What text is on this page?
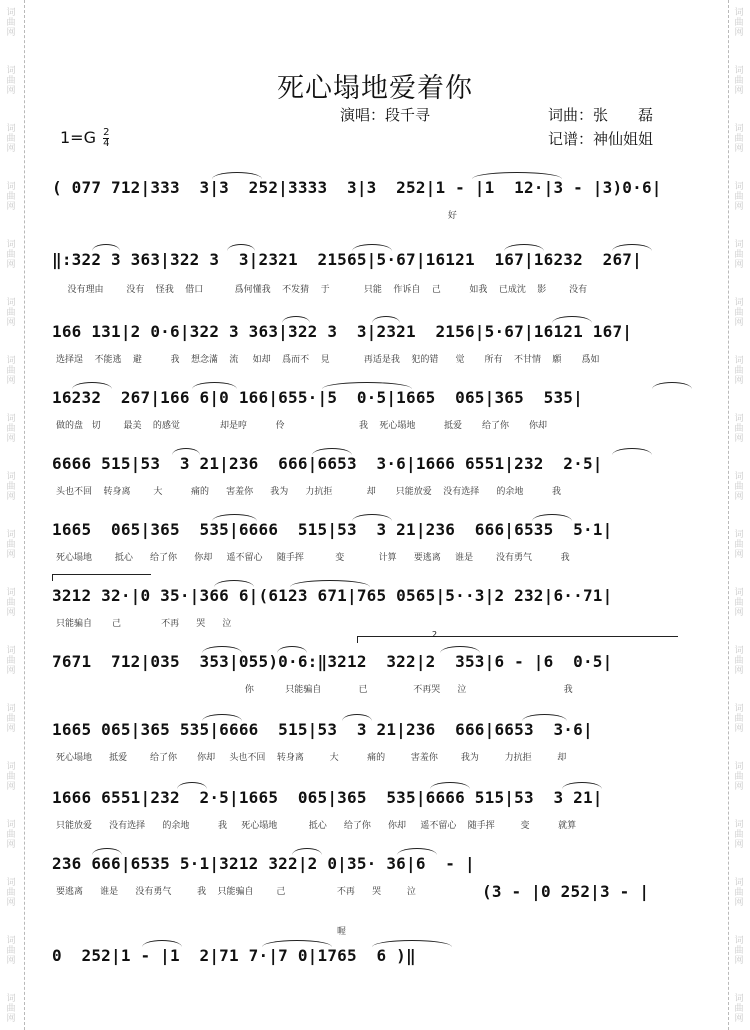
词
曲
网
词
曲
网
词
曲
网
词
曲
网
词
曲
网
词
曲
网
词
曲
网
词
曲
网
词
曲
网
词
曲
网
词
曲
网
词
曲
网
词
曲
网
词
曲
网
词
曲
网
词
曲
网
词
曲
网
词
曲
网
词
曲
网
词
曲
网
词
曲
网
词
曲
网
词
曲
网
词
曲
网
词
曲
网
词
曲
网
词
曲
网
词
曲
网
词
曲
网
词
曲
网
词
曲
网
词
曲
网
词
曲
网
词
曲
网
词
曲
网
词
曲
网
死心塌地爱着你
演唱：段千寻	词曲：张　　磊
记谱：神仙姐姐
$1=G \frac{2}{4}$
( 077 712|333  3|3  252|3333  3|3  252|1 - |1  12·|3 - |3)0·6|
好
‖:322 3 363|322 3  3|2321  21565|5·67|16121  167|16232  267|
没有理由        没有    怪我    借口           爲何懂我    不发猜    于            只能    作诉自    己          如我    已成沈    影        没有
166 131|2 0·6|322 3 363|322 3  3|2321  2156|5·67|16121 167|
选择逞    不能逃    避          我    想念滿    流     如却    爲而不    見            再适是我    犯的错      觉       所有    不甘情    願       爲如
16232  267|166 6|0 166|655·|5  0·5|1665  065|365  535|
做的盘   切        最美    的感觉              却是哼          伶                          我    死心塌地          抵爱       给了你       你却
6666 515|53  3 21|236  666|6653  3·6|1666 6551|232  2·5|
头也不回    转身离        大          痛的      害羞你      我为      力抗拒            却       只能放爱    没有选择      的余地          我
1665  065|365  535|6666  515|53  3 21|236  666|6535  5·1|
死心塌地        抵心      给了你      你却     遥不留心     随手挥           变            计算      要逃离     谁是        没有勇气          我
3212 32·|0 35·|366 6|(6123 671|765 0565|5··3|2 232|6··71|
只能骗自       己              不再      哭      泣
2
7671  712|035  353|055)0·6:‖3212  322|2  353|6 - |6  0·5|
你           只能骗自             已                不再哭      泣                                  我
1665 065|365 535|6666  515|53  3 21|236  666|6653  3·6|
死心塌地      抵爱        给了你       你却     头也不回    转身离         大          痛的         害羞你        我为         力抗拒         却
1666 6551|232  2·5|1665  065|365  535|6666 515|53  3 21|
只能放爱      没有选择      的余地          我     死心塌地           抵心      给了你      你却     遥不留心    随手挥         变          就算
236 666|6535 5·1|3212 322|2 0|35· 36|6  - |
要逃离      谁是      没有勇气         我    只能骗自        己                  不再      哭         泣	(3 - |0 252|3 - |
喔
0  252|1 - |1  2|71 7·|7 0|1765  6 )‖
